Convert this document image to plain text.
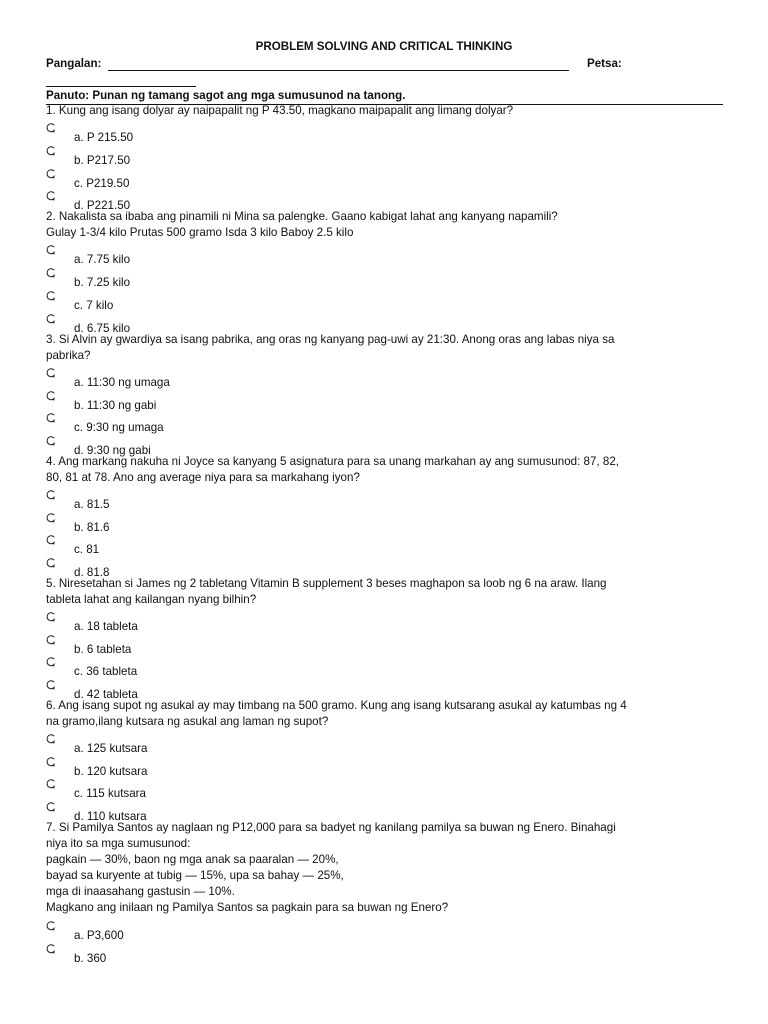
PROBLEM SOLVING AND CRITICAL THINKING
Pangalan:	Petsa:
Panuto: Punan ng tamang sagot ang mga sumusunod na tanong.
1. Kung ang isang dolyar ay naipapalit ng P 43.50, magkano maipapalit ang limang dolyar?
a. P 215.50
b. P217.50
c. P219.50
d. P221.50
2. Nakalista sa ibaba ang pinamili ni Mina sa palengke. Gaano kabigat lahat ang kanyang napamili?
Gulay 1-3/4 kilo Prutas 500 gramo Isda 3 kilo Baboy 2.5 kilo
a. 7.75 kilo
b. 7.25 kilo
c. 7 kilo
d. 6.75 kilo
3. Si Alvin ay gwardiya sa isang pabrika, ang oras ng kanyang pag-uwi ay 21:30. Anong oras ang labas niya sa
pabrika?
a. 11:30 ng umaga
b. 11:30 ng gabi
c. 9:30 ng umaga
d. 9:30 ng gabi
4. Ang markang nakuha ni Joyce sa kanyang 5 asignatura para sa unang markahan ay ang sumusunod: 87, 82,
80, 81 at 78. Ano ang average niya para sa markahang iyon?
a. 81.5
b. 81.6
c. 81
d. 81.8
5. Niresetahan si James ng 2 tabletang Vitamin B supplement 3 beses maghapon sa loob ng 6 na araw. Ilang
tableta lahat ang kailangan nyang bilhin?
a. 18 tableta
b. 6 tableta
c. 36 tableta
d. 42 tableta
6. Ang isang supot ng asukal ay may timbang na 500 gramo. Kung ang isang kutsarang asukal ay katumbas ng 4
na gramo,ilang kutsara ng asukal ang laman ng supot?
a. 125 kutsara
b. 120 kutsara
c. 115 kutsara
d. 110 kutsara
7. Si Pamilya Santos ay naglaan ng P12,000 para sa badyet ng kanilang pamilya sa buwan ng Enero. Binahagi
niya ito sa mga sumusunod:
pagkain — 30%, baon ng mga anak sa paaralan — 20%,
bayad sa kuryente at tubig — 15%, upa sa bahay — 25%,
mga di inaasahang gastusin — 10%.
Magkano ang inilaan ng Pamilya Santos sa pagkain para sa buwan ng Enero?
a. P3,600
b. 360
